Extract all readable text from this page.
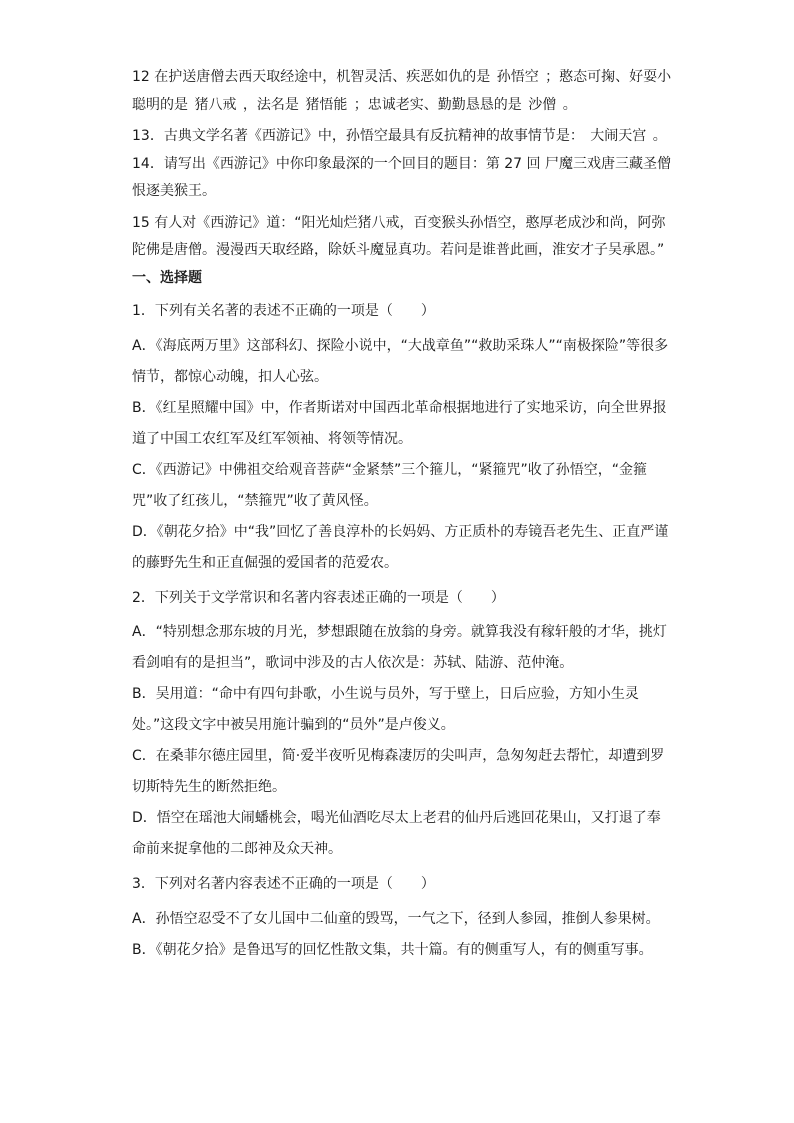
12 在护送唐僧去西天取经途中，机智灵活、疾恶如仇的是 孙悟空 ；憨态可掬、好耍小聪明的是 猪八戒 ，法名是 猪悟能 ；忠诚老实、勤勤恳恳的是 沙僧 。

13．古典文学名著《西游记》中，孙悟空最具有反抗精神的故事情节是： 大闹天宫 。

14．请写出《西游记》中你印象最深的一个回目的题目：第 27 回 尸魔三戏唐三藏圣僧恨逐美猴王。

15 有人对《西游记》道：“阳光灿烂猪八戒，百变猴头孙悟空，憨厚老成沙和尚，阿弥陀佛是唐僧。漫漫西天取经路，除妖斗魔显真功。若问是谁普此画，淮安才子吴承恩。”

一、选择题

1．下列有关名著的表述不正确的一项是（　　）

A．《海底两万里》这部科幻、探险小说中，“大战章鱼”“救助采珠人”“南极探险”等很多情节，都惊心动魄，扣人心弦。

B．《红星照耀中国》中，作者斯诺对中国西北革命根据地进行了实地采访，向全世界报道了中国工农红军及红军领袖、将领等情况。

C．《西游记》中佛祖交给观音菩萨“金紧禁”三个箍儿，“紧箍咒”收了孙悟空，“金箍咒”收了红孩儿，“禁箍咒”收了黄风怪。

D．《朝花夕拾》中“我”回忆了善良淳朴的长妈妈、方正质朴的寿镜吾老先生、正直严谨的藤野先生和正直倔强的爱国者的范爱农。

2．下列关于文学常识和名著内容表述正确的一项是（　　）

A．“特别想念那东坡的月光，梦想跟随在放翁的身旁。就算我没有稼轩般的才华，挑灯看剑咱有的是担当”，歌词中涉及的古人依次是：苏轼、陆游、范仲淹。

B．吴用道：“命中有四句卦歌，小生说与员外，写于壁上，日后应验，方知小生灵处。”这段文字中被吴用施计骗到的“员外”是卢俊义。

C．在桑菲尔德庄园里，简·爱半夜听见梅森凄厉的尖叫声，急匆匆赶去帮忙，却遭到罗切斯特先生的断然拒绝。

D．悟空在瑶池大闹蟠桃会，喝光仙酒吃尽太上老君的仙丹后逃回花果山，又打退了奉命前来捉拿他的二郎神及众天神。

3．下列对名著内容表述不正确的一项是（　　）

A．孙悟空忍受不了女儿国中二仙童的毁骂，一气之下，径到人参园，推倒人参果树。

B．《朝花夕拾》是鲁迅写的回忆性散文集，共十篇。有的侧重写人，有的侧重写事。
